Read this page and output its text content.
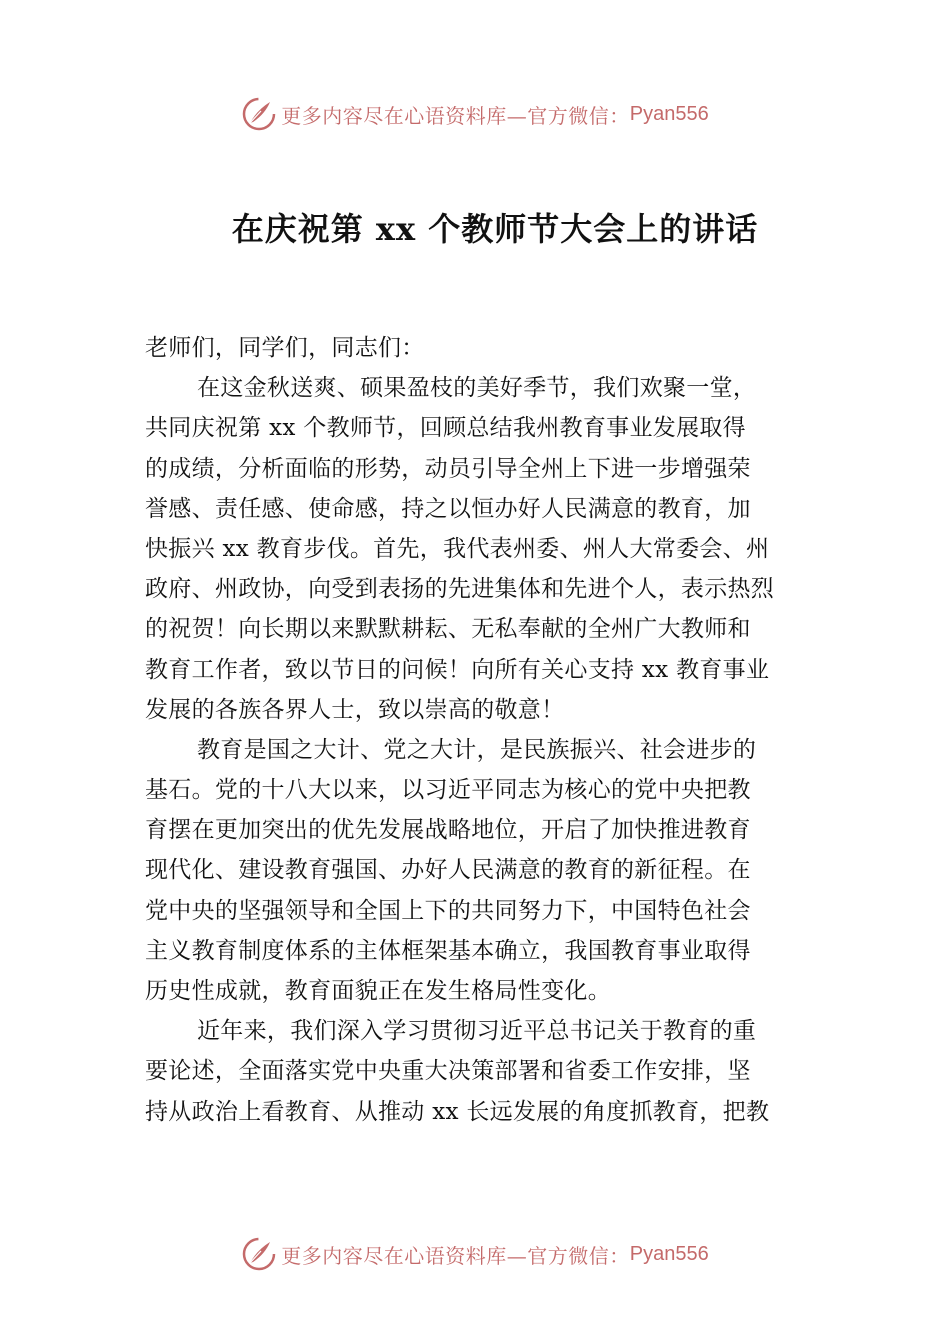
更多内容尽在心语资料库—官方微信： Pyan556
在庆祝第 xx 个教师节大会上的讲话
老师们，同学们，同志们：
在这金秋送爽、硕果盈枝的美好季节，我们欢聚一堂，
共同庆祝第 xx 个教师节，回顾总结我州教育事业发展取得
的成绩，分析面临的形势，动员引导全州上下进一步增强荣
誉感、责任感、使命感，持之以恒办好人民满意的教育，加
快振兴 xx 教育步伐。首先，我代表州委、州人大常委会、州
政府、州政协，向受到表扬的先进集体和先进个人，表示热烈
的祝贺！向长期以来默默耕耘、无私奉献的全州广大教师和
教育工作者，致以节日的问候！向所有关心支持 xx 教育事业
发展的各族各界人士，致以崇高的敬意！
教育是国之大计、党之大计，是民族振兴、社会进步的
基石。党的十八大以来，以习近平同志为核心的党中央把教
育摆在更加突出的优先发展战略地位，开启了加快推进教育
现代化、建设教育强国、办好人民满意的教育的新征程。在
党中央的坚强领导和全国上下的共同努力下，中国特色社会
主义教育制度体系的主体框架基本确立，我国教育事业取得
历史性成就，教育面貌正在发生格局性变化。
近年来，我们深入学习贯彻习近平总书记关于教育的重
要论述，全面落实党中央重大决策部署和省委工作安排，坚
持从政治上看教育、从推动 xx 长远发展的角度抓教育，把教
更多内容尽在心语资料库—官方微信： Pyan556
